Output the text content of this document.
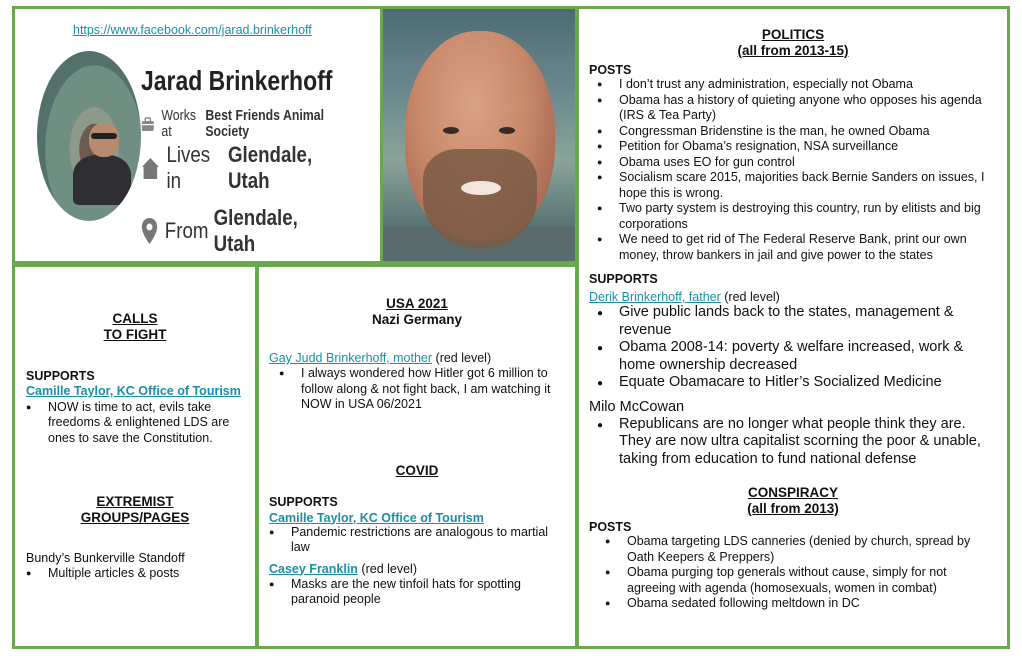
https://www.facebook.com/jarad.brinkerhoff
Jarad Brinkerhoff
Works at

Best Friends Animal Society
Lives in

Glendale, Utah
From

Glendale, Utah
POLITICS
(all from 2013-15)
POSTS
● I don’t trust any administration, especially not Obama
● Obama has a history of quieting anyone who opposes his agenda (IRS & Tea Party)
● Congressman Bridenstine is the man, he owned Obama
● Petition for Obama’s resignation, NSA surveillance
● Obama uses EO for gun control
● Socialism scare 2015, majorities back Bernie Sanders on issues, I hope this is wrong.
● Two party system is destroying this country, run by elitists and big corporations
● We need to get rid of The Federal Reserve Bank, print our own money, throw bankers in jail and give power to the states
SUPPORTS
Derik Brinkerhoff, father (red level)
● Give public lands back to the states, management & revenue
● Obama 2008-14: poverty & welfare increased, work & home ownership decreased
● Equate Obamacare to Hitler’s Socialized Medicine
Milo McCowan
● Republicans are no longer what people think they are. They are now ultra capitalist scorning the poor & unable, taking from education to fund national defense
CONSPIRACY
(all from 2013)
POSTS
● Obama targeting LDS canneries (denied by church, spread by Oath Keepers & Preppers)
● Obama purging top generals without cause, simply for not agreeing with agenda (homosexuals, women in combat)
● Obama sedated following meltdown in DC
CALLS
TO FIGHT
SUPPORTS
Camille Taylor, KC Office of Tourism
● NOW is time to act, evils take freedoms & enlightened LDS are ones to save the Constitution.
EXTREMIST
GROUPS/PAGES
Bundy’s Bunkerville Standoff
● Multiple articles & posts
USA 2021
Nazi Germany
Gay Judd Brinkerhoff, mother (red level)
● I always wondered how Hitler got 6 million to follow along & not fight back, I am watching it NOW in USA 06/2021
COVID
SUPPORTS
Camille Taylor, KC Office of Tourism
● Pandemic restrictions are analogous to martial law
Casey Franklin (red level)
● Masks are the new tinfoil hats for spotting paranoid people
